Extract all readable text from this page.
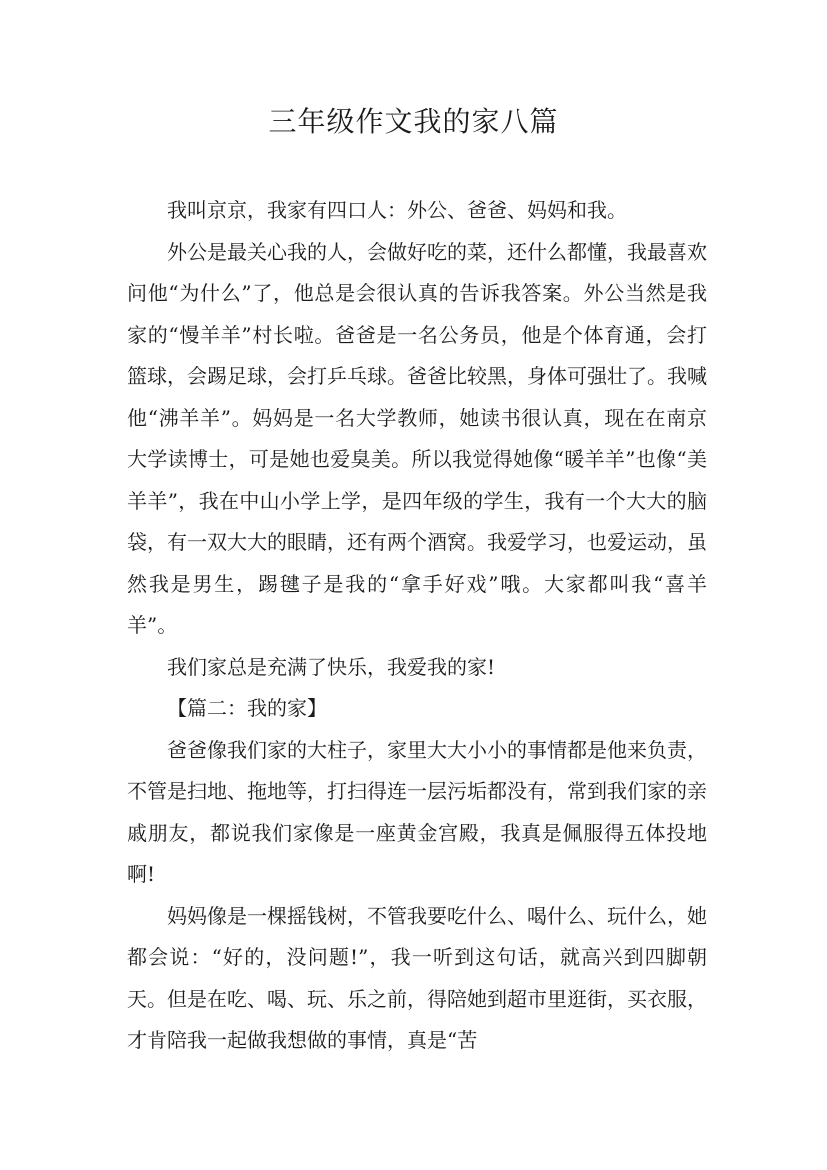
三年级作文我的家八篇

我叫京京，我家有四口人：外公、爸爸、妈妈和我。

外公是最关心我的人，会做好吃的菜，还什么都懂，我最喜欢问他“为什么”了，他总是会很认真的告诉我答案。外公当然是我家的“慢羊羊”村长啦。爸爸是一名公务员，他是个体育通，会打篮球，会踢足球，会打乒乓球。爸爸比较黑，身体可强壮了。我喊他“沸羊羊”。妈妈是一名大学教师，她读书很认真，现在在南京大学读博士，可是她也爱臭美。所以我觉得她像“暖羊羊”也像“美羊羊”，我在中山小学上学，是四年级的学生，我有一个大大的脑袋，有一双大大的眼睛，还有两个酒窝。我爱学习，也爱运动，虽然我是男生，踢毽子是我的“拿手好戏”哦。大家都叫我“喜羊羊”。

我们家总是充满了快乐，我爱我的家!

【篇二：我的家】

爸爸像我们家的大柱子，家里大大小小的事情都是他来负责，不管是扫地、拖地等，打扫得连一层污垢都没有，常到我们家的亲戚朋友，都说我们家像是一座黄金宫殿，我真是佩服得五体投地啊!

妈妈像是一棵摇钱树，不管我要吃什么、喝什么、玩什么，她都会说：“好的，没问题!”，我一听到这句话，就高兴到四脚朝天。但是在吃、喝、玩、乐之前，得陪她到超市里逛街，买衣服，才肯陪我一起做我想做的事情，真是“苦
